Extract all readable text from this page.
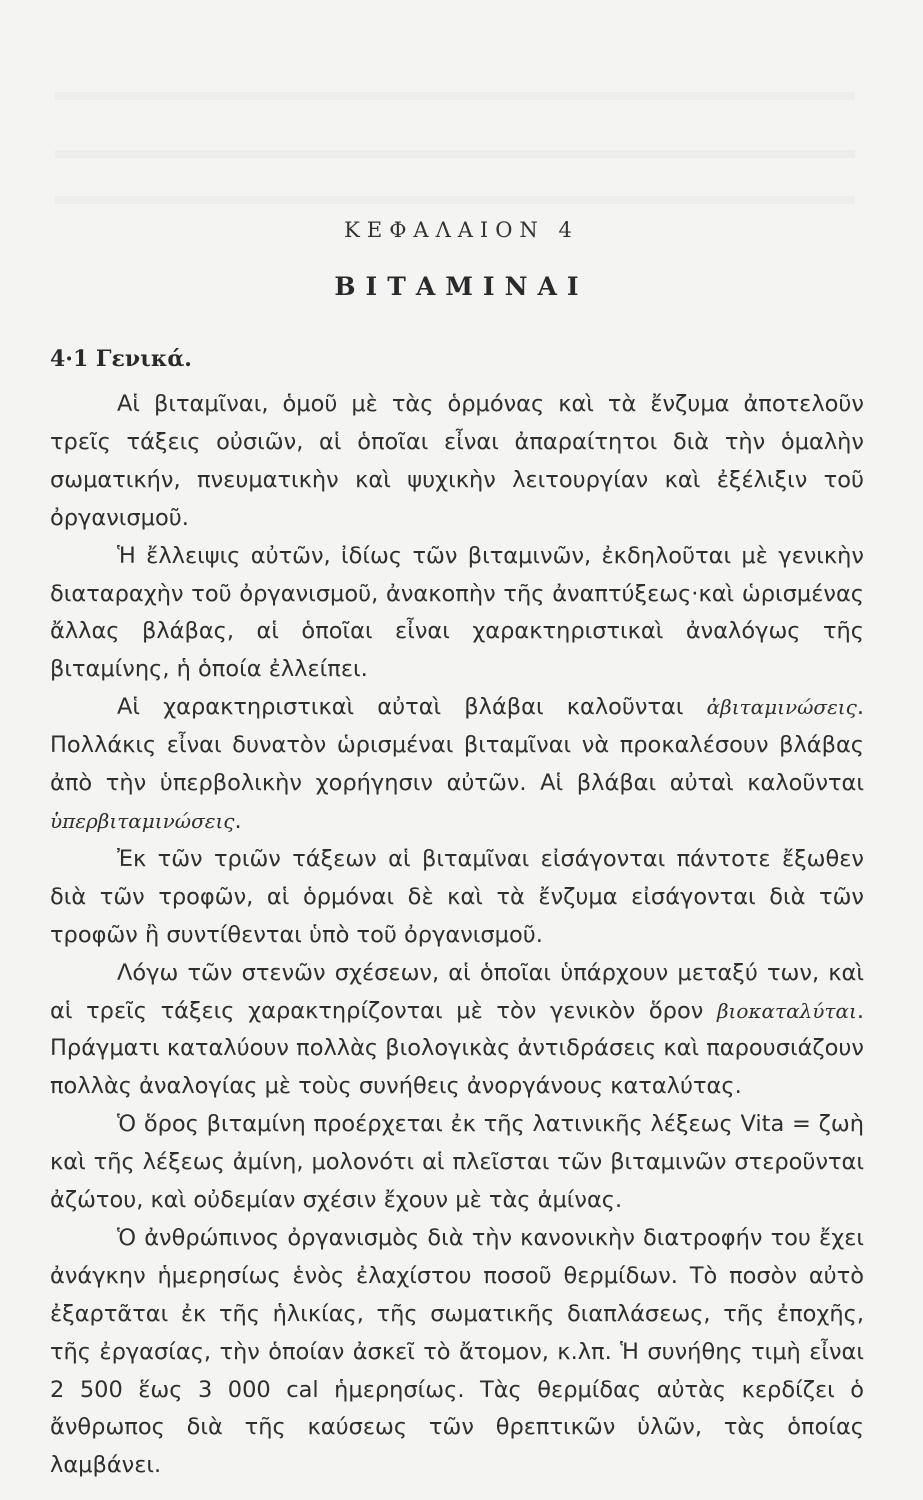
ΚΕΦΑΛΑΙΟΝ 4
ΒΙΤΑΜΙΝΑΙ
4·1 Γενικά.

Αἱ βιταμῖναι, ὁμοῦ μὲ τὰς ὁρμόνας καὶ τὰ ἔνζυμα ἀποτελοῦν τρεῖς τάξεις οὐσιῶν, αἱ ὁποῖαι εἶναι ἀπαραίτητοι διὰ τὴν ὁμαλὴν σωματικήν, πνευματικὴν καὶ ψυχικὴν λειτουργίαν καὶ ἐξέλιξιν τοῦ ὀργανισμοῦ.

Ἡ ἔλλειψις αὐτῶν, ἰδίως τῶν βιταμινῶν, ἐκδηλοῦται μὲ γενικὴν διαταραχὴν τοῦ ὀργανισμοῦ, ἀνακοπὴν τῆς ἀναπτύξεως·καὶ ὡρισμένας ἄλλας βλάβας, αἱ ὁποῖαι εἶναι χαρακτηριστικαὶ ἀναλόγως τῆς βιταμίνης, ἡ ὁποία ἐλλείπει.

Αἱ χαρακτηριστικαὶ αὐταὶ βλάβαι καλοῦνται ἀβιταμινώσεις. Πολλάκις εἶναι δυνατὸν ὡρισμέναι βιταμῖναι νὰ προκαλέσουν βλάβας ἀπὸ τὴν ὑπερβολικὴν χορήγησιν αὐτῶν. Αἱ βλάβαι αὐταὶ καλοῦνται ὑπερβιταμινώσεις.

Ἐκ τῶν τριῶν τάξεων αἱ βιταμῖναι εἰσάγονται πάντοτε ἔξωθεν διὰ τῶν τροφῶν, αἱ ὁρμόναι δὲ καὶ τὰ ἔνζυμα εἰσάγονται διὰ τῶν τροφῶν ἢ συντίθενται ὑπὸ τοῦ ὀργανισμοῦ.

Λόγω τῶν στενῶν σχέσεων, αἱ ὁποῖαι ὑπάρχουν μεταξύ των, καὶ αἱ τρεῖς τάξεις χαρακτηρίζονται μὲ τὸν γενικὸν ὅρον βιοκαταλύται. Πράγματι καταλύουν πολλὰς βιολογικὰς ἀντιδράσεις καὶ παρουσιάζουν πολλὰς ἀναλογίας μὲ τοὺς συνήθεις ἀνοργάνους καταλύτας.

Ὁ ὅρος βιταμίνη προέρχεται ἐκ τῆς λατινικῆς λέξεως Vita = ζωὴ καὶ τῆς λέξεως ἀμίνη, μολονότι αἱ πλεῖσται τῶν βιταμινῶν στεροῦνται ἀζώτου, καὶ οὐδεμίαν σχέσιν ἔχουν μὲ τὰς ἀμίνας.

Ὁ ἀνθρώπινος ὀργανισμὸς διὰ τὴν κανονικὴν διατροφήν του ἔχει ἀνάγκην ἡμερησίως ἑνὸς ἐλαχίστου ποσοῦ θερμίδων. Τὸ ποσὸν αὐτὸ ἐξαρτᾶται ἐκ τῆς ἡλικίας, τῆς σωματικῆς διαπλάσεως, τῆς ἐποχῆς, τῆς ἐργασίας, τὴν ὁποίαν ἀσκεῖ τὸ ἄτομον, κ.λπ. Ἡ συνήθης τιμὴ εἶναι 2 500 ἕως 3 000 cal ἡμερησίως. Τὰς θερμίδας αὐτὰς κερδίζει ὁ ἄνθρωπος διὰ τῆς καύσεως τῶν θρεπτικῶν ὑλῶν, τὰς ὁποίας λαμβάνει.
